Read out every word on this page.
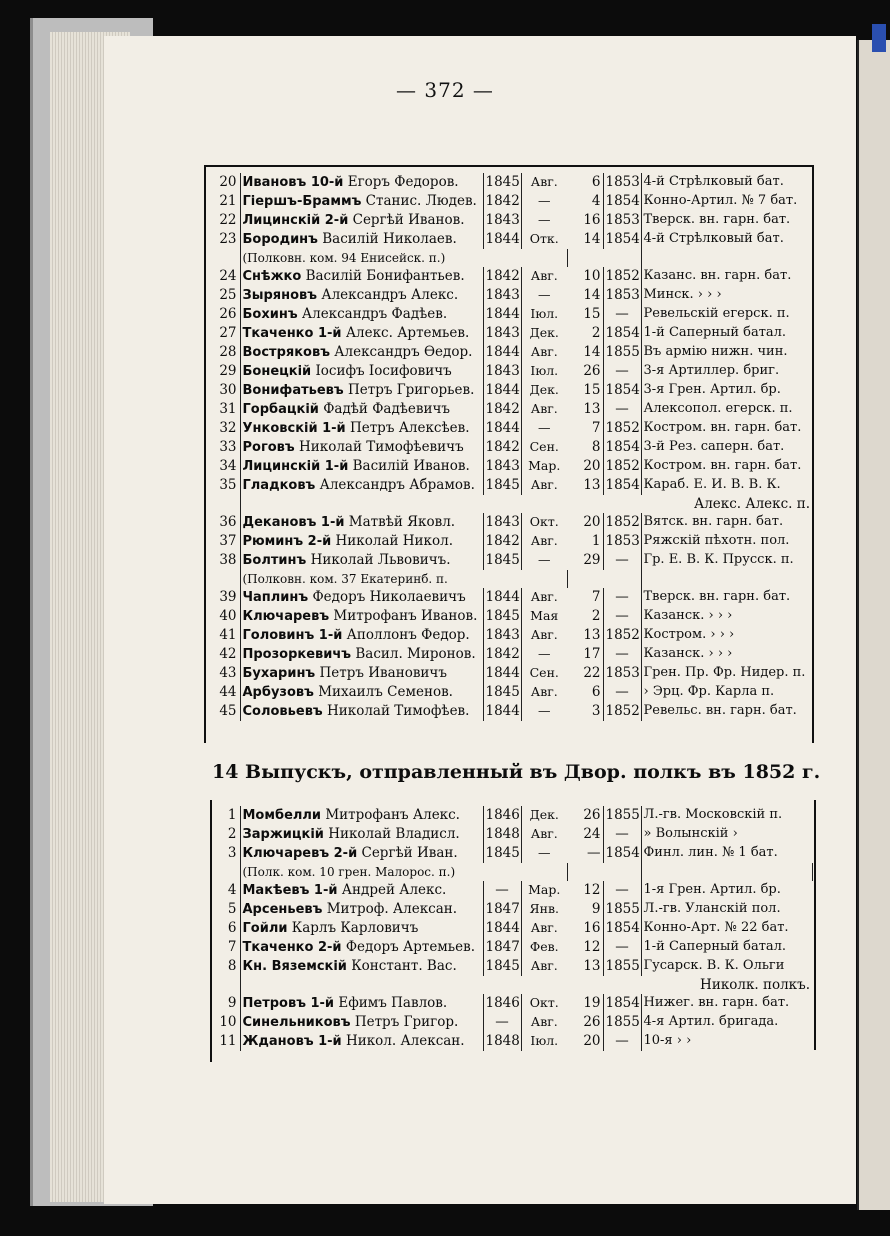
— 372 —
20	Ивановъ 10-й Егоръ Федоров.	1845	Авг.	6	1853	4-й Стрѣлковый бат.
21	Гіершъ-Браммъ Станис. Людев.	1842	—	4	1854	Конно-Артил. № 7 бат.
22	Лицинскій 2-й Сергѣй Иванов.	1843	—	16	1853	Тверск. вн. гарн. бат.
23	Бородинъ Василій Николаев.	1844	Отк.	14	1854	4-й Стрѣлковый бат.
	(Полковн. ком. 94 Енисейск. п.)					
24	Снѣжко Василій Бонифантьев.	1842	Авг.	10	1852	Казанс. вн. гарн. бат.
25	Зыряновъ Александръ Алекс.	1843	—	14	1853	Минск. › › ›
26	Бохинъ Александръ Фадѣев.	1844	Іюл.	15	—	Ревельскій егерск. п.
27	Ткаченко 1-й Алекс. Артемьев.	1843	Дек.	2	1854	1-й Саперный батал.
28	Востряковъ Александръ Өедор.	1844	Авг.	14	1855	Въ армію нижн. чин.
29	Бонецкій Іосифъ Іосифовичъ	1843	Іюл.	26	—	3-я Артиллер. бриг.
30	Вонифатьевъ Петръ Григорьев.	1844	Дек.	15	1854	3-я Грен. Артил. бр.
31	Горбацкій Фадѣй Фадѣевичъ	1842	Авг.	13	—	Алексопол. егерск. п.
32	Унковскій 1-й Петръ Алексѣев.	1844	—	7	1852	Костром. вн. гарн. бат.
33	Роговъ Николай Тимофѣевичъ	1842	Сен.	8	1854	3-й Рез. саперн. бат.
34	Лицинскій 1-й Василій Иванов.	1843	Мар.	20	1852	Костром. вн. гарн. бат.
35	Гладковъ Александръ Абрамов.	1845	Авг.	13	1854	Караб. Е. И. В. В. К.
	Алекс. Алекс. п.					
36	Декановъ 1-й Матвѣй Яковл.	1843	Окт.	20	1852	Вятск. вн. гарн. бат.
37	Рюминъ 2-й Николай Никол.	1842	Авг.	1	1853	Ряжскій пѣхотн. пол.
38	Болтинъ Николай Львовичъ.	1845	—	29	—	Гр. Е. В. К. Прусск. п.
	(Полковн. ком. 37 Екатеринб. п.					
39	Чаплинъ Федоръ Николаевичъ	1844	Авг.	7	—	Тверск. вн. гарн. бат.
40	Ключаревъ Митрофанъ Иванов.	1845	Мая	2	—	Казанск. › › ›
41	Головинъ 1-й Аполлонъ Федор.	1843	Авг.	13	1852	Костром. › › ›
42	Прозоркевичъ Васил. Миронов.	1842	—	17	—	Казанск. › › ›
43	Бухаринъ Петръ Ивановичъ	1844	Сен.	22	1853	Грен. Пр. Фр. Нидер. п.
44	Арбузовъ Михаилъ Семенов.	1845	Авг.	6	—	› Эрц. Фр. Карла п.
45	Соловьевъ Николай Тимофѣев.	1844	—	3	1852	Ревельс. вн. гарн. бат.
14 Выпускъ, отправленный въ Двор. полкъ въ 1852 г.
1	Момбелли Митрофанъ Алекс.	1846	Дек.	26	1855	Л.-гв. Московскій п.
2	Заржицкій Николай Владисл.	1848	Авг.	24	—	» Волынскій ›
3	Ключаревъ 2-й Сергѣй Иван.	1845	—	—	1854	Финл. лин. № 1 бат.
	(Полк. ком. 10 грен. Малорос. п.)					
4	Макѣевъ 1-й Андрей Алекс.	—	Мар.	12	—	1-я Грен. Артил. бр.
5	Арсеньевъ Митроф. Алексан.	1847	Янв.	9	1855	Л.-гв. Уланскій пол.
6	Гойли Карлъ Карловичъ	1844	Авг.	16	1854	Конно-Арт. № 22 бат.
7	Ткаченко 2-й Федоръ Артемьев.	1847	Фев.	12	—	1-й Саперный батал.
8	Кн. Вяземскій Констант. Вас.	1845	Авг.	13	1855	Гусарск. В. К. Ольги
	Николк. полкъ.					
9	Петровъ 1-й Ефимъ Павлов.	1846	Окт.	19	1854	Нижег. вн. гарн. бат.
10	Синельниковъ Петръ Григор.	—	Авг.	26	1855	4-я Артил. бригада.
11	Ждановъ 1-й Никол. Алексан.	1848	Іюл.	20	—	10-я › ›
